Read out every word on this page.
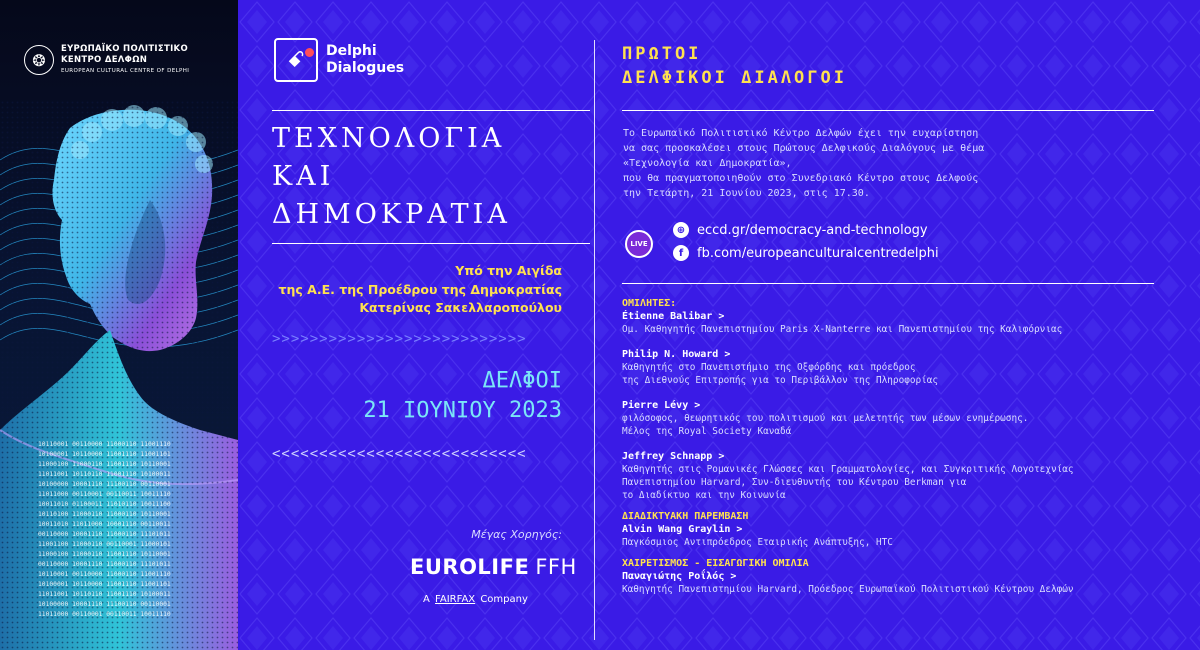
❂
ΕΥΡΩΠΑΪΚΟ ΠΟΛΙΤΙΣΤΙΚΟ
ΚΕΝΤΡΟ ΔΕΛΦΩΝ
EUROPEAN CULTURAL CENTRE OF DELPHI
10110001 00110000 11000110 11001110
10100001 10110000 11001110 11001101
11000100 11000110 11001110 10110001
11011001 10110110 11001110 10100011
10100000 10001110 11100110 00110001
11011000 00110001 00110011 10011110
10011010 01100011 11010110 10011100
10110100 11000110 11000110 10110001
10011010 11011000 10001110 00110011
00110000 10001110 11000110 11101011
11001100 11000110 00110001 11000101
11000100 11000110 11001110 10110001
00110000 10001110 11000110 11101011
10110001 00110000 11000110 11001110
10100001 10110000 11001110 11001101
11011001 10110110 11001110 10100011
10100000 10001110 11100110 00110001
11011000 00110001 00110011 10011110
ꗃ Delphi
Dialogues
ΤΕΧΝΟΛΟΓΙΑ
ΚΑΙ
ΔΗΜΟΚΡΑΤΙΑ
Υπό την Αιγίδα
της Α.Ε. της Προέδρου της Δημοκρατίας
Κατερίνας Σακελλαροπούλου
>>>>>>>>>>>>>>>>>>>>>>>>>>>
ΔΕΛΦΟΙ
21 ΙΟΥΝΙΟΥ 2023
<<<<<<<<<<<<<<<<<<<<<<<<<<<
Μέγας Χορηγός:
EUROLIFE FFH
A FAIRFAX Company
ΠΡΩΤΟΙ
ΔΕΛΦΙΚΟΙ ΔΙΑΛΟΓΟΙ
Το Ευρωπαϊκό Πολιτιστικό Κέντρο Δελφών έχει την ευχαρίστηση
να σας προσκαλέσει στους Πρώτους Δελφικούς Διαλόγους με θέμα
«Τεχνολογία και Δημοκρατία»,
που θα πραγματοποιηθούν στο Συνεδριακό Κέντρο στους Δελφούς
την Τετάρτη, 21 Ιουνίου 2023, στις 17.30.
LIVE
⊕ eccd.gr/democracy-and-technology
f	fb.com/europeanculturalcentredelphi
ΟΜΙΛΗΤΕΣ:
Étienne Balibar >
Ομ. Καθηγητής Πανεπιστημίου Paris X-Nanterre και Πανεπιστημίου της Καλιφόρνιας
Philip N. Howard >
Καθηγητής στο Πανεπιστήμιο της Οξφόρδης και πρόεδρος
της Διεθνούς Επιτροπής για το Περιβάλλον της Πληροφορίας
Pierre Lévy >
φιλόσοφος, θεωρητικός του πολιτισμού και μελετητής των μέσων ενημέρωσης.
Μέλος της Royal Society Καναδά
Jeffrey Schnapp >
Καθηγητής στις Ρομανικές Γλώσσες και Γραμματολογίες, και Συγκριτικής Λογοτεχνίας
Πανεπιστημίου Harvard, Συν-διευθυντής του Κέντρου Berkman για
το Διαδίκτυο και την Κοινωνία
ΔΙΑΔΙΚΤΥΑΚΗ ΠΑΡΕΜΒΑΣΗ
Alvin Wang Graylin >
Παγκόσμιος Αντιπρόεδρος Εταιρικής Ανάπτυξης, HTC
ΧΑΙΡΕΤΙΣΜΟΣ - ΕΙΣΑΓΩΓΙΚΗ ΟΜΙΛΙΑ
Παναγιώτης Ροΐλός >
Καθηγητής Πανεπιστημίου Harvard, Πρόεδρος Ευρωπαϊκού Πολιτιστικού Κέντρου Δελφών
